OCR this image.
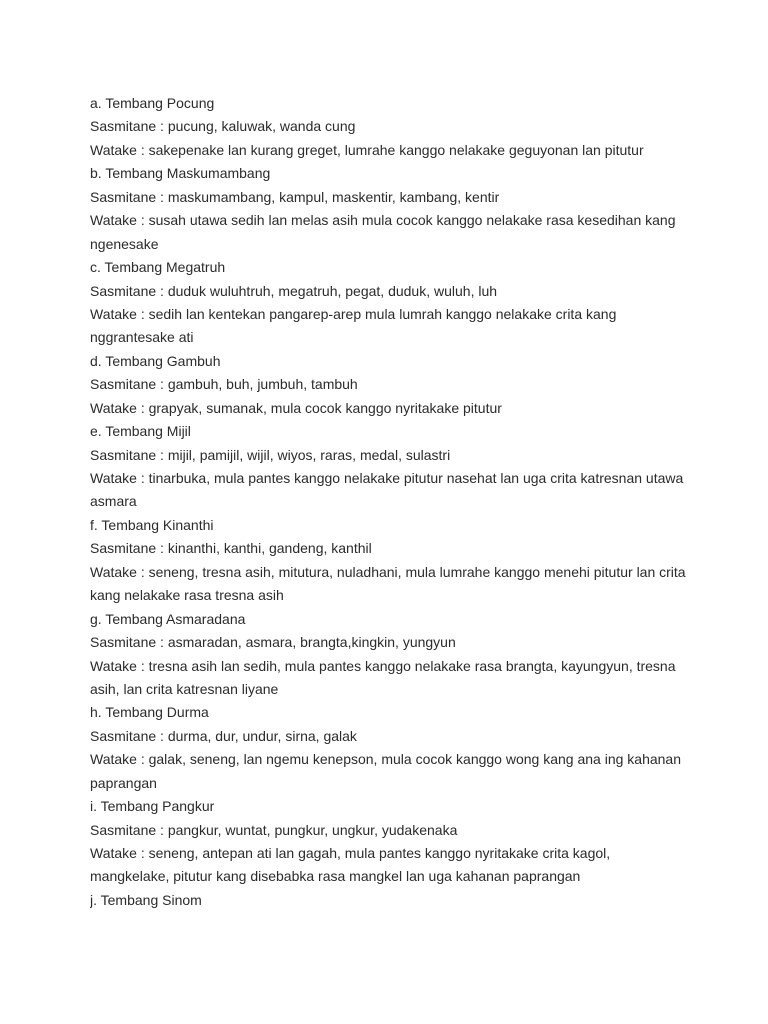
a. Tembang Pocung
Sasmitane : pucung, kaluwak, wanda cung
Watake : sakepenake lan kurang greget, lumrahe kanggo nelakake geguyonan lan pitutur
b. Tembang Maskumambang
Sasmitane : maskumambang, kampul, maskentir, kambang, kentir
Watake : susah utawa sedih lan melas asih mula cocok kanggo nelakake rasa kesedihan kang
ngenesake
c. Tembang Megatruh
Sasmitane : duduk wuluhtruh, megatruh, pegat, duduk, wuluh, luh
Watake : sedih lan kentekan pangarep-arep mula lumrah kanggo nelakake crita kang
nggrantesake ati
d. Tembang Gambuh
Sasmitane : gambuh, buh, jumbuh, tambuh
Watake : grapyak, sumanak, mula cocok kanggo nyritakake pitutur
e. Tembang Mijil
Sasmitane : mijil, pamijil, wijil, wiyos, raras, medal, sulastri
Watake : tinarbuka, mula pantes kanggo nelakake pitutur nasehat lan uga crita katresnan utawa
asmara
f. Tembang Kinanthi
Sasmitane : kinanthi, kanthi, gandeng, kanthil
Watake : seneng, tresna asih, mitutura, nuladhani, mula lumrahe kanggo menehi pitutur lan crita
kang nelakake rasa tresna asih
g. Tembang Asmaradana
Sasmitane : asmaradan, asmara, brangta,kingkin, yungyun
Watake : tresna asih lan sedih, mula pantes kanggo nelakake rasa brangta, kayungyun, tresna
asih, lan crita katresnan liyane
h. Tembang Durma
Sasmitane : durma, dur, undur, sirna, galak
Watake : galak, seneng, lan ngemu kenepson, mula cocok kanggo wong kang ana ing kahanan
paprangan
i. Tembang Pangkur
Sasmitane : pangkur, wuntat, pungkur, ungkur, yudakenaka
Watake : seneng, antepan ati lan gagah, mula pantes kanggo nyritakake crita kagol,
mangkelake, pitutur kang disebabka rasa mangkel lan uga kahanan paprangan
j. Tembang Sinom
